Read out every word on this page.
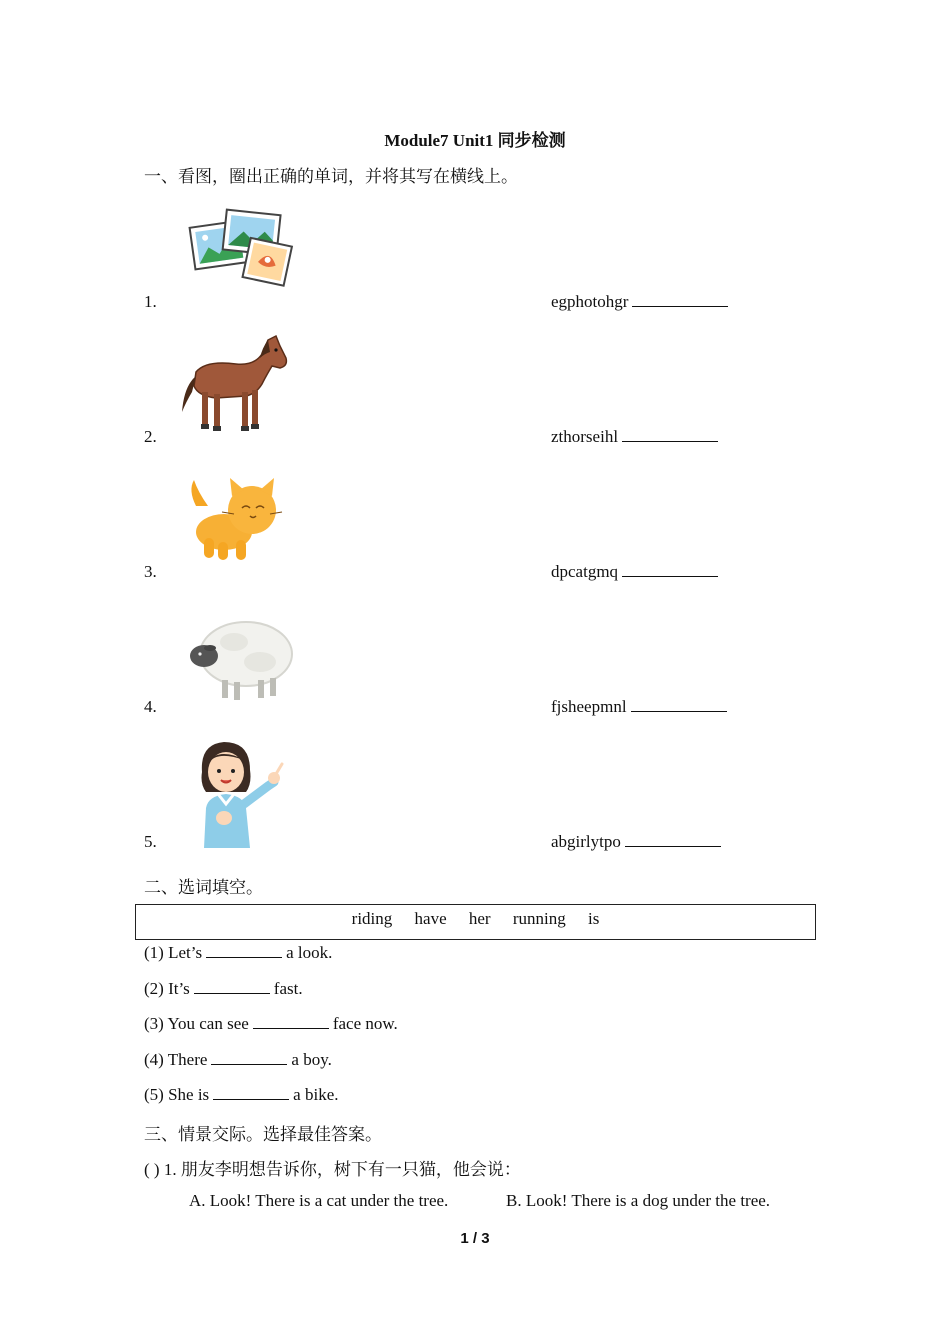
Module7 Unit1 同步检测
一、看图，圈出正确的单词，并将其写在横线上。
1.	egphotohgr
2.	zthorseihl
3.	dpcatgmq
4.	fjsheepmnl
5.	abgirlytpo
二、选词填空。
riding have her running is
(1) Let’s	a look.
(2) It’s	fast.
(3) You can see	face now.
(4) There	a boy.
(5) She is	a bike.
三、情景交际。选择最佳答案。
( ) 1. 朋友李明想告诉你，树下有一只猫，他会说：
A. Look! There is a cat under the tree.	B. Look! There is a dog under the tree.
1 / 3
